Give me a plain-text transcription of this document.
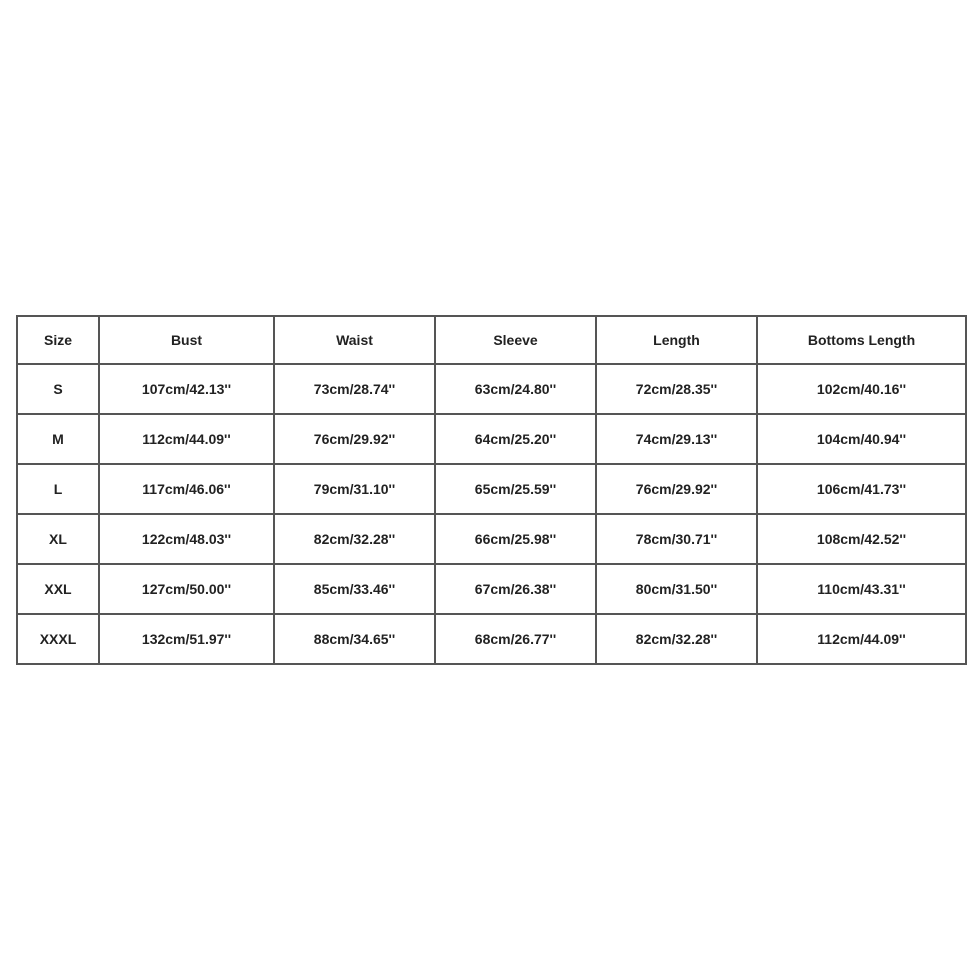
Size	Bust	Waist	Sleeve	Length	Bottoms Length
S	107cm/42.13''	73cm/28.74''	63cm/24.80''	72cm/28.35''	102cm/40.16''
M	112cm/44.09''	76cm/29.92''	64cm/25.20''	74cm/29.13''	104cm/40.94''
L	117cm/46.06''	79cm/31.10''	65cm/25.59''	76cm/29.92''	106cm/41.73''
XL	122cm/48.03''	82cm/32.28''	66cm/25.98''	78cm/30.71''	108cm/42.52''
XXL	127cm/50.00''	85cm/33.46''	67cm/26.38''	80cm/31.50''	110cm/43.31''
XXXL	132cm/51.97''	88cm/34.65''	68cm/26.77''	82cm/32.28''	112cm/44.09''
